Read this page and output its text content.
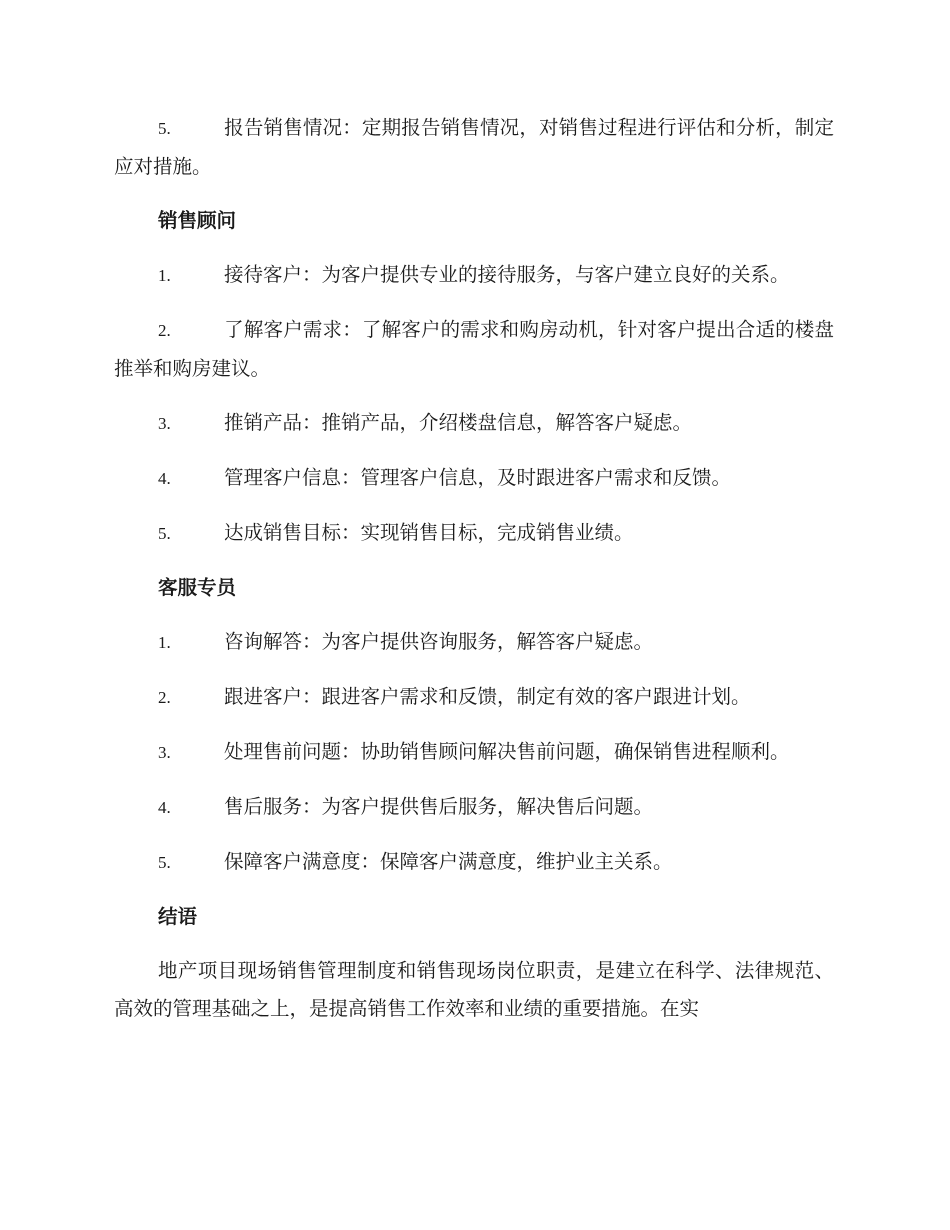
5.	报告销售情况：定期报告销售情况，对销售过程进行评估和分析，制定应对措施。
销售顾问
1.	接待客户：为客户提供专业的接待服务，与客户建立良好的关系。
2.	了解客户需求：了解客户的需求和购房动机，针对客户提出合适的楼盘推举和购房建议。
3.	推销产品：推销产品，介绍楼盘信息，解答客户疑虑。
4.	管理客户信息：管理客户信息，及时跟进客户需求和反馈。
5.	达成销售目标：实现销售目标，完成销售业绩。
客服专员
1.	咨询解答：为客户提供咨询服务，解答客户疑虑。
2.	跟进客户：跟进客户需求和反馈，制定有效的客户跟进计划。
3.	处理售前问题：协助销售顾问解决售前问题，确保销售进程顺利。
4.	售后服务：为客户提供售后服务，解决售后问题。
5.	保障客户满意度：保障客户满意度，维护业主关系。
结语
地产项目现场销售管理制度和销售现场岗位职责，是建立在科学、法律规范、高效的管理基础之上，是提高销售工作效率和业绩的重要措施。在实
